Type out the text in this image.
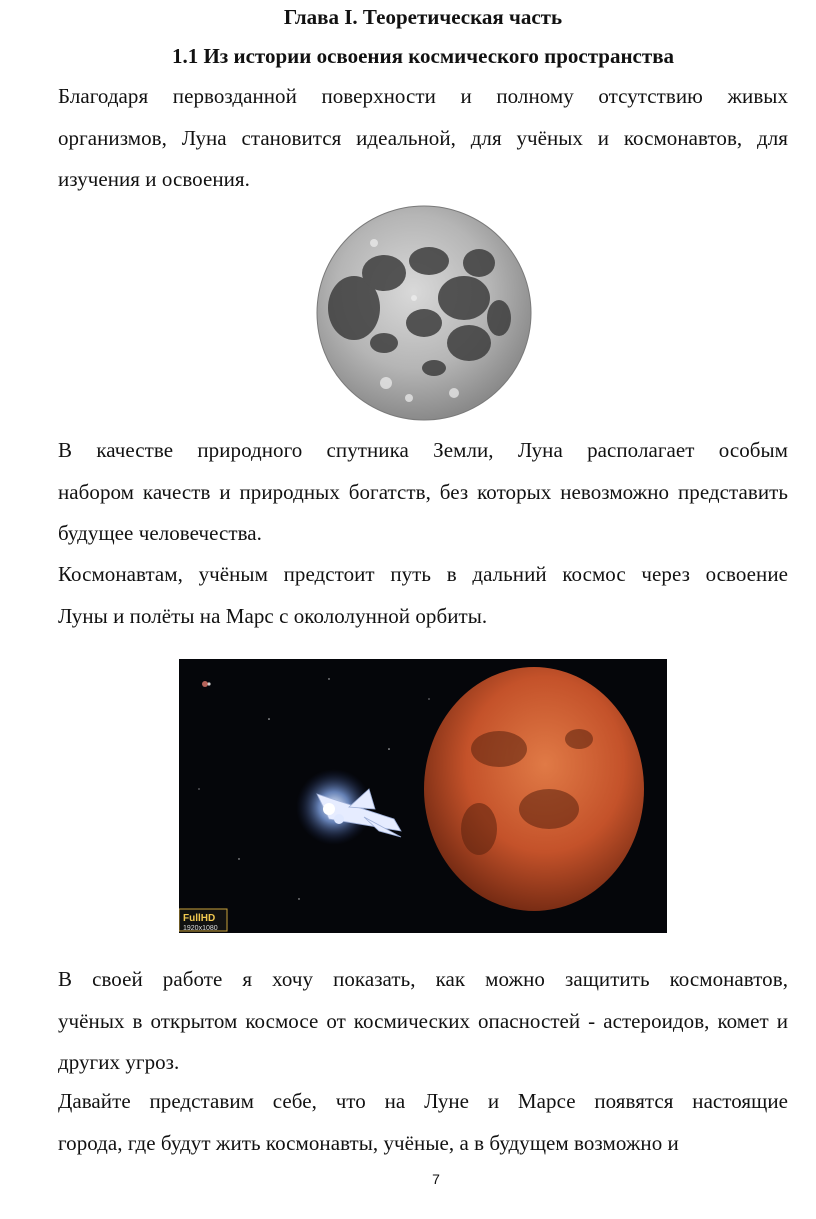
Глава I. Теоретическая часть
1.1 Из истории освоения космического пространства
Благодаря первозданной поверхности и полному отсутствию живых
организмов, Луна становится идеальной, для учёных и космонавтов, для
изучения и освоения.
В качестве природного спутника Земли, Луна располагает особым
набором качеств и природных богатств, без которых невозможно представить
будущее человечества.
Космонавтам, учёным предстоит путь в дальний космос через освоение
Луны и полёты на Марс с окололунной орбиты.
FullHD
1920x1080
В своей работе я хочу показать, как можно защитить космонавтов,
учёных в открытом космосе от космических опасностей - астероидов, комет и
других угроз.
Давайте представим себе, что на Луне и Марсе появятся настоящие
города, где будут жить космонавты, учёные, а в будущем возможно и
7
